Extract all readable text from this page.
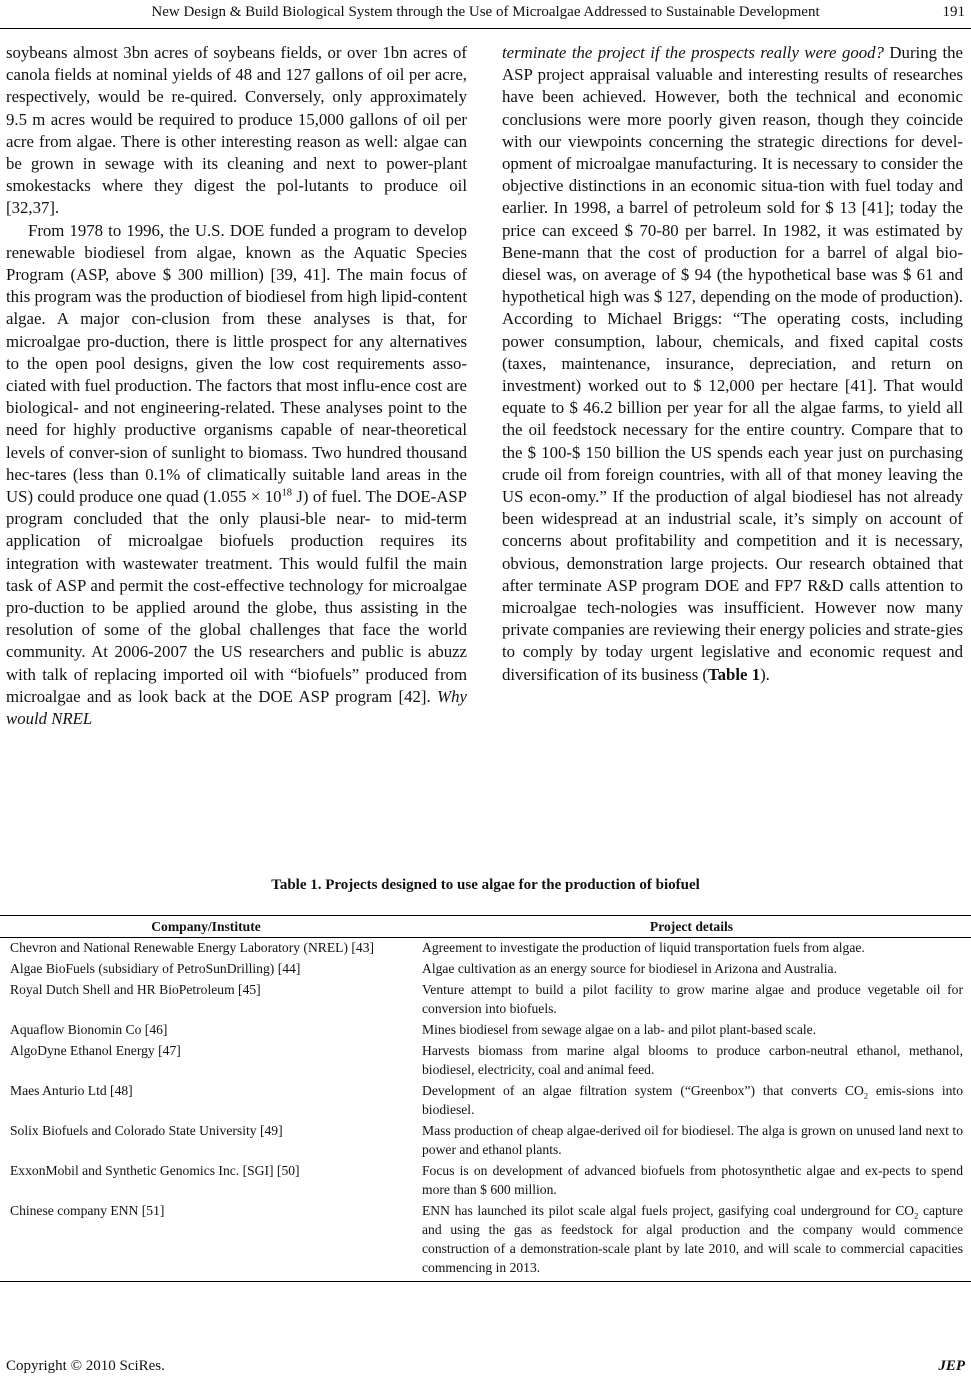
New Design & Build Biological System through the Use of Microalgae Addressed to Sustainable Development	191

soybeans almost 3bn acres of soybeans fields, or over 1bn acres of canola fields at nominal yields of 48 and 127 gallons of oil per acre, respectively, would be re-quired. Conversely, only approximately 9.5 m acres would be required to produce 15,000 gallons of oil per acre from algae. There is other interesting reason as well: algae can be grown in sewage with its cleaning and next to power-plant smokestacks where they digest the pol-lutants to produce oil [32,37].

From 1978 to 1996, the U.S. DOE funded a program to develop renewable biodiesel from algae, known as the Aquatic Species Program (ASP, above $ 300 million) [39, 41]. The main focus of this program was the production of biodiesel from high lipid-content algae. A major con-clusion from these analyses is that, for microalgae pro-duction, there is little prospect for any alternatives to the open pool designs, given the low cost requirements asso-ciated with fuel production. The factors that most influ-ence cost are biological- and not engineering-related. These analyses point to the need for highly productive organisms capable of near-theoretical levels of conver-sion of sunlight to biomass. Two hundred thousand hec-tares (less than 0.1% of climatically suitable land areas in the US) could produce one quad ($1.055 \times 10^{18}$ J) of fuel. The DOE-ASP program concluded that the only plausi-ble near- to mid-term application of microalgae biofuels production requires its integration with wastewater treatment. This would fulfil the main task of ASP and permit the cost-effective technology for microalgae pro-duction to be applied around the globe, thus assisting in the resolution of some of the global challenges that face the world community. At 2006-2007 the US researchers and public is abuzz with talk of replacing imported oil with “biofuels” produced from microalgae and as look back at the DOE ASP program [42]. Why would NREL

terminate the project if the prospects really were good? During the ASP project appraisal valuable and interesting results of researches have been achieved. However, both the technical and economic conclusions were more poorly given reason, though they coincide with our viewpoints concerning the strategic directions for devel-opment of microalgae manufacturing. It is necessary to consider the objective distinctions in an economic situa-tion with fuel today and earlier. In 1998, a barrel of petroleum sold for $ 13 [41]; today the price can exceed $ 70-80 per barrel. In 1982, it was estimated by Bene-mann that the cost of production for a barrel of algal bio-diesel was, on average of $ 94 (the hypothetical base was $ 61 and hypothetical high was $ 127, depending on the mode of production). According to Michael Briggs: “The operating costs, including power consumption, labour, chemicals, and fixed capital costs (taxes, maintenance, insurance, depreciation, and return on investment) worked out to $ 12,000 per hectare [41]. That would equate to $ 46.2 billion per year for all the algae farms, to yield all the oil feedstock necessary for the entire country. Compare that to the $ 100-$ 150 billion the US spends each year just on purchasing crude oil from foreign countries, with all of that money leaving the US econ-omy.” If the production of algal biodiesel has not already been widespread at an industrial scale, it’s simply on account of concerns about profitability and competition and it is necessary, obvious, demonstration large projects. Our research obtained that after terminate ASP program DOE and FP7 R&D calls attention to microalgae tech-nologies was insufficient. However now many private companies are reviewing their energy policies and strate-gies to comply by today urgent legislative and economic request and diversification of its business (Table 1).

Table 1. Projects designed to use algae for the production of biofuel
Company/Institute	Project details
Chevron and National Renewable Energy Laboratory (NREL) [43]	Agreement to investigate the production of liquid transportation fuels from algae.
Algae BioFuels (subsidiary of PetroSunDrilling) [44]	Algae cultivation as an energy source for biodiesel in Arizona and Australia.
Royal Dutch Shell and HR BioPetroleum [45]	Venture attempt to build a pilot facility to grow marine algae and produce vegetable oil for conversion into biofuels.
Aquaflow Bionomin Co [46]	Mines biodiesel from sewage algae on a lab- and pilot plant-based scale.
AlgoDyne Ethanol Energy [47]	Harvests biomass from marine algal blooms to produce carbon-neutral ethanol, methanol, biodiesel, electricity, coal and animal feed.
Maes Anturio Ltd [48]	Development of an algae filtration system (“Greenbox”) that converts $CO_2$ emis-sions into biodiesel.
Solix Biofuels and Colorado State University [49]	Mass production of cheap algae-derived oil for biodiesel. The alga is grown on unused land next to power and ethanol plants.
ExxonMobil and Synthetic Genomics Inc. [SGI] [50]	Focus is on development of advanced biofuels from photosynthetic algae and ex-pects to spend more than $ 600 million.
Chinese company ENN [51]	ENN has launched its pilot scale algal fuels project, gasifying coal underground for $CO_2$ capture and using the gas as feedstock for algal production and the company would commence construction of a demonstration-scale plant by late 2010, and will scale to commercial capacities commencing in 2013.
Copyright © 2010 SciRes.	JEP
